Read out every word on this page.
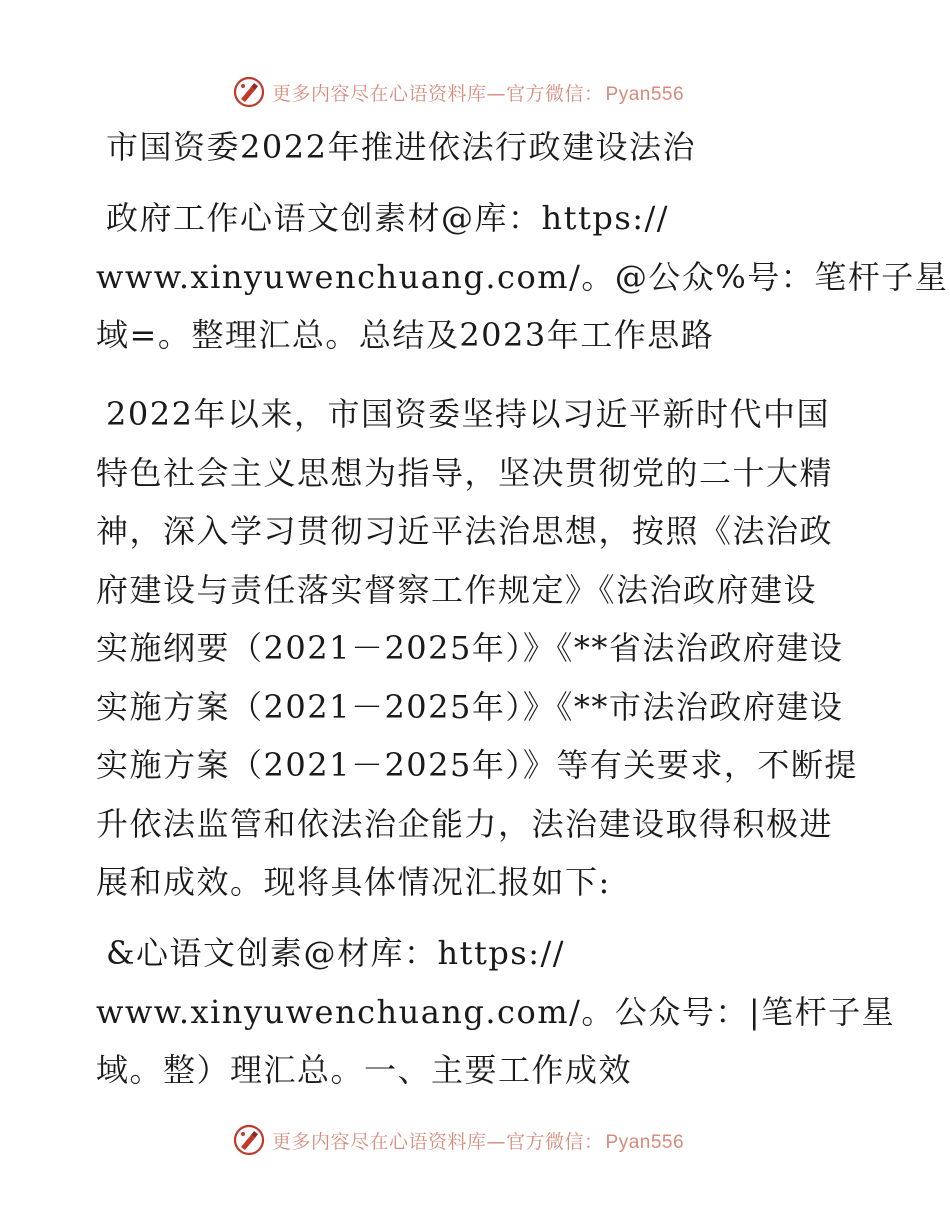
更多内容尽在心语资料库—官方微信： Pyan556
市国资委2022年推进依法行政建设法治
政府工作心语文创素材@库：https://
www.xinyuwenchuang.com/。@公众%号：笔杆子星
域=。整理汇总。总结及2023年工作思路
2022年以来，市国资委坚持以习近平新时代中国
特色社会主义思想为指导，坚决贯彻党的二十大精
神，深入学习贯彻习近平法治思想，按照《法治政
府建设与责任落实督察工作规定》《法治政府建设
实施纲要（2021－2025年）》《**省法治政府建设
实施方案（2021－2025年）》《**市法治政府建设
实施方案（2021－2025年）》等有关要求，不断提
升依法监管和依法治企能力，法治建设取得积极进
展和成效。现将具体情况汇报如下:
&心语文创素@材库：https://
www.xinyuwenchuang.com/。公众号：|笔杆子星
域。整）理汇总。一、主要工作成效
更多内容尽在心语资料库—官方微信： Pyan556
